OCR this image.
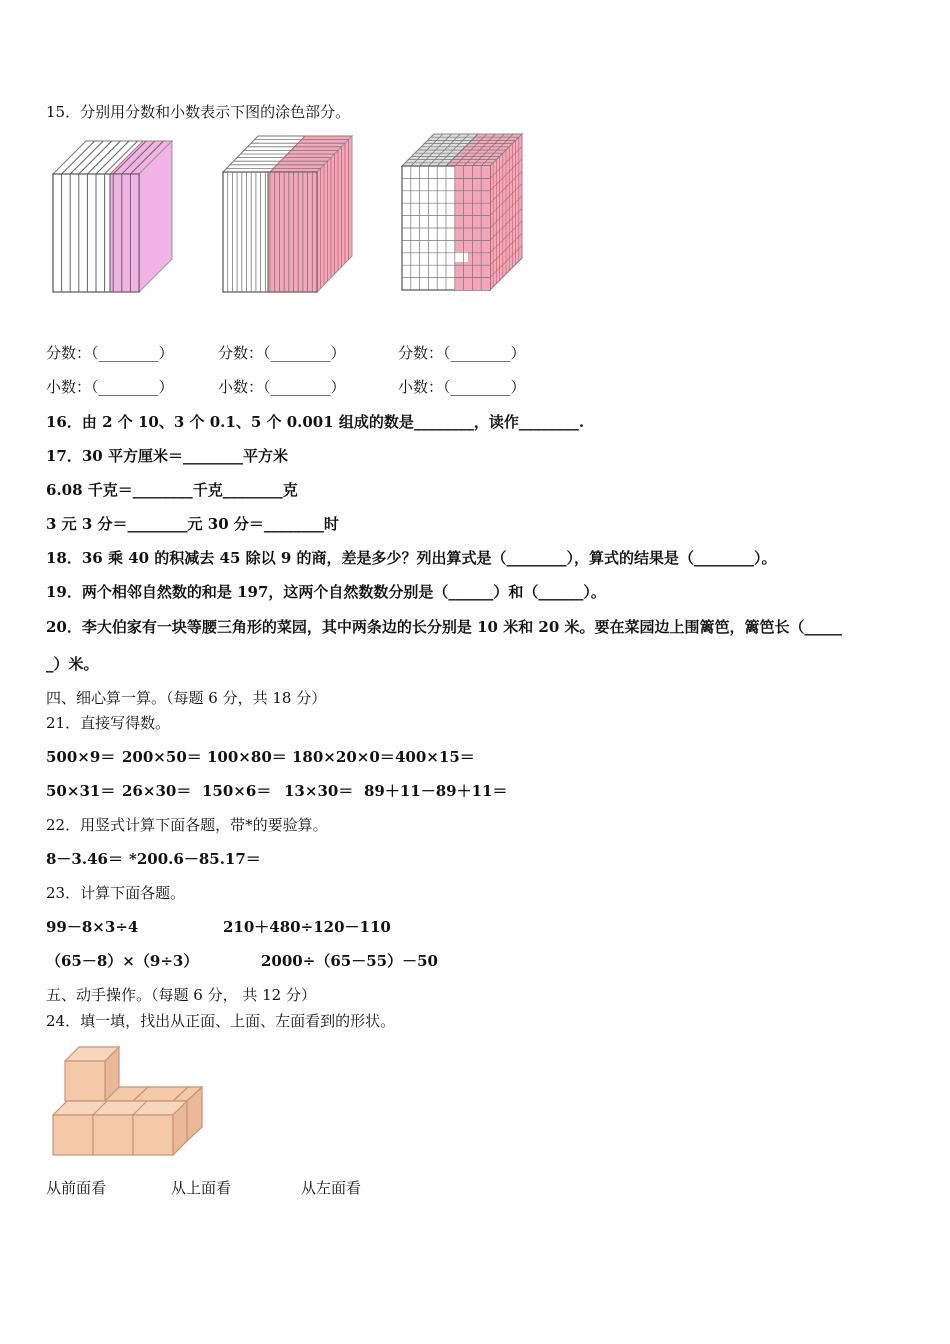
15．分别用分数和小数表示下图的涂色部分。
分数：（________）	分数：（________）	分数：（________）
小数：（________）	小数：（________）	小数：（________）
16．由 2 个 10、3 个 0.1、5 个 0.001 组成的数是________，读作________.
17．30 平方厘米＝________平方米
6.08 千克＝________千克________克
3 元 3 分＝________元 30 分＝________时
18．36 乘 40 的积减去 45 除以 9 的商，差是多少？列出算式是（________），算式的结果是（________）。
19．两个相邻自然数的和是 197，这两个自然数数分别是（______）和（______）。
20．李大伯家有一块等腰三角形的菜园，其中两条边的长分别是 10 米和 20 米。要在菜园边上围篱笆，篱笆长（_____
_）米。
四、细心算一算。（每题 6 分，共 18 分）
21．直接写得数。
500×9＝ 200×50＝ 100×80＝ 180×20×0＝ 400×15＝
50×31＝ 26×30＝ 150×6＝ 13×30＝ 89＋11－89＋11＝
22．用竖式计算下面各题，带*的要验算。
8－3.46＝ *200.6－85.17＝
23．计算下面各题。
99－8×3÷4	210＋480÷120－110
（65－8）×（9÷3）	2000÷（65－55）－50
五、动手操作。（每题 6 分， 共 12 分）
24．填一填，找出从正面、上面、左面看到的形状。
从前面看	从上面看	从左面看
